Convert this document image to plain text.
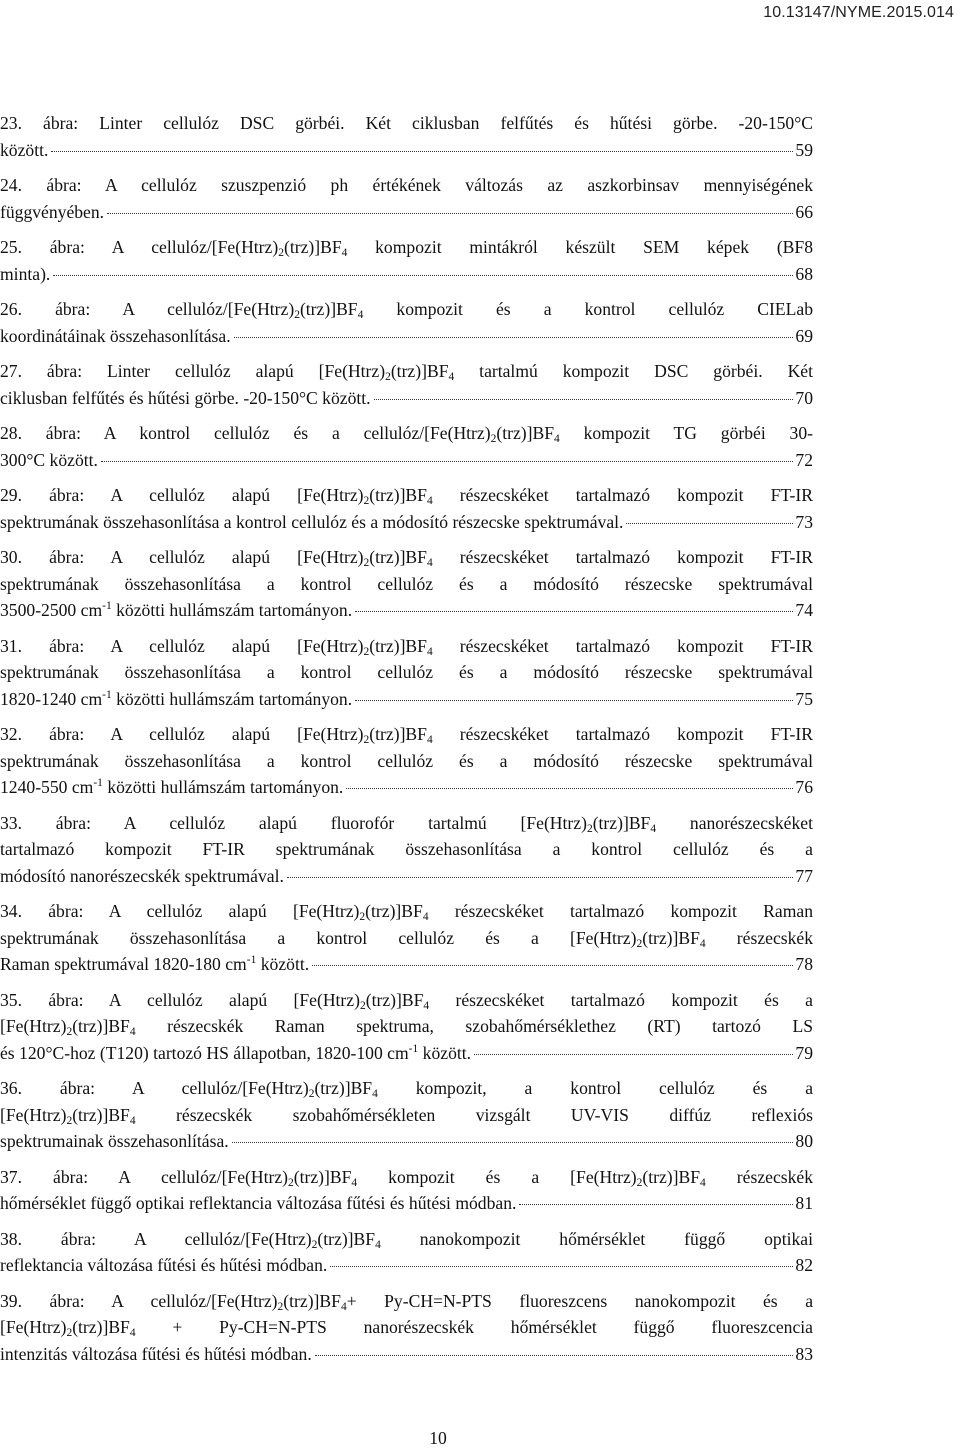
10.13147/NYME.2015.014
23. ábra: Linter cellulóz DSC görbéi. Két ciklusban felfűtés és hűtési görbe. -20-150°C
között.	59
24. ábra: A cellulóz szuszpenzió ph értékének változás az aszkorbinsav mennyiségének
függvényében.	66
25. ábra: A cellulóz/$[Fe(Htrz)_2(trz)]BF_4$ kompozit mintákról készült SEM képek (BF8
minta).	68
26. ábra: A cellulóz/$[Fe(Htrz)_2(trz)]BF_4$ kompozit és a kontrol cellulóz CIELab
koordinátáinak összehasonlítása.	69
27. ábra: Linter cellulóz alapú $[Fe(Htrz)_2(trz)]BF_4$ tartalmú kompozit DSC görbéi. Két
ciklusban felfűtés és hűtési görbe. -20-150°C között.	70
28. ábra: A kontrol cellulóz és a cellulóz/$[Fe(Htrz)_2(trz)]BF_4$ kompozit TG görbéi 30-
300°C között.	72
29. ábra: A cellulóz alapú $[Fe(Htrz)_2(trz)]BF_4$ részecskéket tartalmazó kompozit FT-IR
spektrumának összehasonlítása a kontrol cellulóz és a módosító részecske spektrumával.	73
30. ábra: A cellulóz alapú $[Fe(Htrz)_2(trz)]BF_4$ részecskéket tartalmazó kompozit FT-IR
spektrumának összehasonlítása a kontrol cellulóz és a módosító részecske spektrumával
3500-2500 $cm^{-1}$ közötti hullámszám tartományon.	74
31. ábra: A cellulóz alapú $[Fe(Htrz)_2(trz)]BF_4$ részecskéket tartalmazó kompozit FT-IR
spektrumának összehasonlítása a kontrol cellulóz és a módosító részecske spektrumával
1820-1240 $cm^{-1}$ közötti hullámszám tartományon.	75
32. ábra: A cellulóz alapú $[Fe(Htrz)_2(trz)]BF_4$ részecskéket tartalmazó kompozit FT-IR
spektrumának összehasonlítása a kontrol cellulóz és a módosító részecske spektrumával
1240-550 $cm^{-1}$ közötti hullámszám tartományon.	76
33. ábra: A cellulóz alapú fluorofór tartalmú $[Fe(Htrz)_2(trz)]BF_4$ nanorészecskéket
tartalmazó kompozit FT-IR spektrumának összehasonlítása a kontrol cellulóz és a
módosító nanorészecskék spektrumával.	77
34. ábra: A cellulóz alapú $[Fe(Htrz)_2(trz)]BF_4$ részecskéket tartalmazó kompozit Raman
spektrumának összehasonlítása a kontrol cellulóz és a $[Fe(Htrz)_2(trz)]BF_4$ részecskék
Raman spektrumával 1820-180 $cm^{-1}$ között.	78
35. ábra: A cellulóz alapú $[Fe(Htrz)_2(trz)]BF_4$ részecskéket tartalmazó kompozit és a
$[Fe(Htrz)_2(trz)]BF_4$ részecskék Raman spektruma, szobahőmérséklethez (RT) tartozó LS
és 120°C-hoz (T120) tartozó HS állapotban, 1820-100 $cm^{-1}$ között.	79
36. ábra: A cellulóz/$[Fe(Htrz)_2(trz)]BF_4$ kompozit, a kontrol cellulóz és a
$[Fe(Htrz)_2(trz)]BF_4$ részecskék szobahőmérsékleten vizsgált UV-VIS diffúz reflexiós
spektrumainak összehasonlítása.	80
37. ábra: A cellulóz/$[Fe(Htrz)_2(trz)]BF_4$ kompozit és a $[Fe(Htrz)_2(trz)]BF_4$ részecskék
hőmérséklet függő optikai reflektancia változása fűtési és hűtési módban.	81
38. ábra: A cellulóz/$[Fe(Htrz)_2(trz)]BF_4$ nanokompozit hőmérséklet függő optikai
reflektancia változása fűtési és hűtési módban.	82
39. ábra: A cellulóz/$[Fe(Htrz)_2(trz)]BF_4+ Py-CH=N-PTS$ fluoreszcens nanokompozit és a
$[Fe(Htrz)_2(trz)]BF_4 + Py-CH=N-PTS$ nanorészecskék hőmérséklet függő fluoreszcencia
intenzitás változása fűtési és hűtési módban.	83
10
